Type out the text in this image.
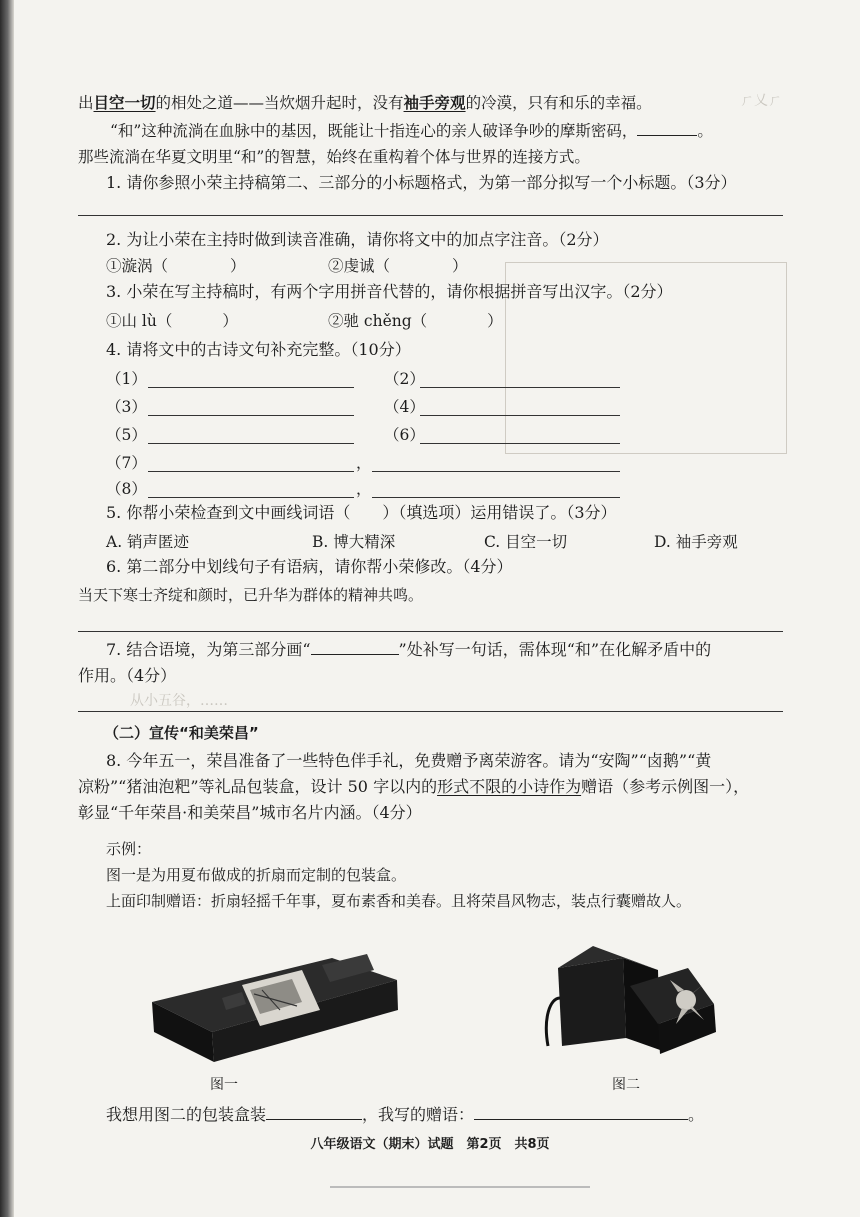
ㄏ乂ㄏ
从小五谷，……
出目空一切的相处之道——当炊烟升起时，没有袖手旁观的冷漠，只有和乐的幸福。
“和”这种流淌在血脉中的基因，既能让十指连心的亲人破译争吵的摩斯密码，	。
那些流淌在华夏文明里“和”的智慧，始终在重构着个体与世界的连接方式。
1. 请你参照小荣主持稿第二、三部分的小标题格式，为第一部分拟写一个小标题。（3分）
2. 为让小荣在主持时做到读音准确，请你将文中的加点字注音。（2分）
①漩涡（	）	②虔诚（	）
3. 小荣在写主持稿时，有两个字用拼音代替的，请你根据拼音写出汉字。（2分）
①山 lù（	）	②驰 chěng（	）
4. 请将文中的古诗文句补充完整。（10分）
（1）	（2）
（3）	（4）
（5）	（6）
（7）	，
（8）	，
5. 你帮小荣检查到文中画线词语（　　）（填选项）运用错误了。（3分）
A. 销声匿迹	B. 博大精深	C. 目空一切	D. 袖手旁观
6. 第二部分中划线句子有语病，请你帮小荣修改。（4分）
当天下寒士齐绽和颜时，已升华为群体的精神共鸣。
7. 结合语境，为第三部分画“	”处补写一句话，需体现“和”在化解矛盾中的
作用。（4分）
（二）宣传“和美荣昌”
8. 今年五一，荣昌准备了一些特色伴手礼，免费赠予离荣游客。请为“安陶”“卤鹅”“黄
凉粉”“猪油泡粑”等礼品包装盒，设计 50 字以内的形式不限的小诗作为赠语（参考示例图一），
彰显“千年荣昌·和美荣昌”城市名片内涵。（4分）
示例：
图一是为用夏布做成的折扇而定制的包装盒。
上面印制赠语：折扇轻摇千年事，夏布素香和美春。且将荣昌风物志，装点行囊赠故人。
图一	图二
我想用图二的包装盒装	，我写的赠语：	。
八年级语文（期末）试题　第2页　共8页
